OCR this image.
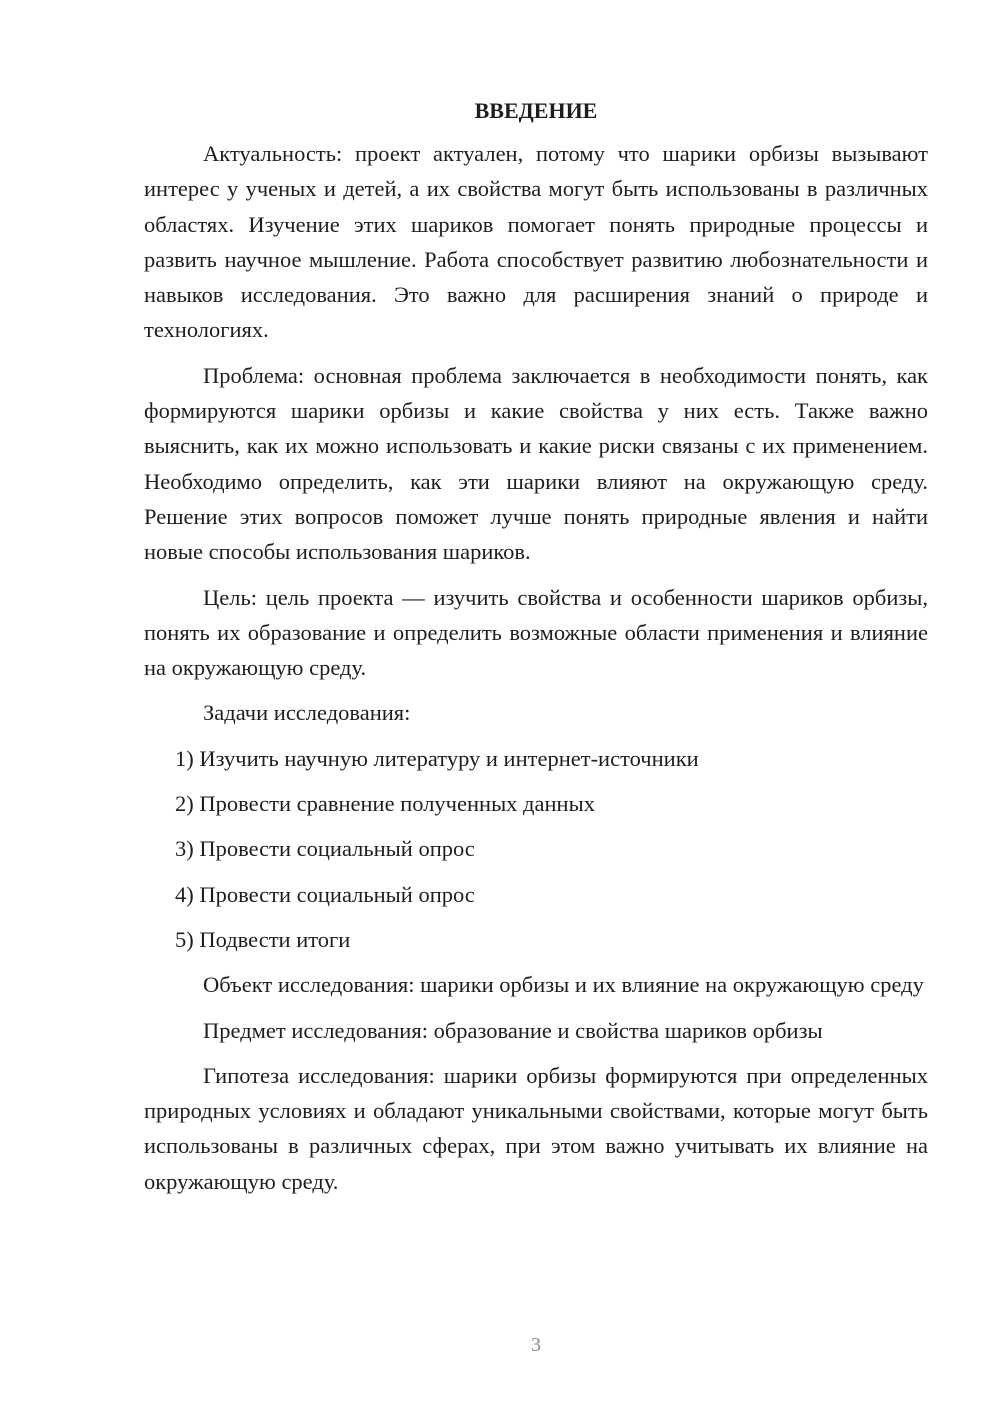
ВВЕДЕНИЕ

Актуальность: проект актуален, потому что шарики орбизы вызывают интерес у ученых и детей, а их свойства могут быть использованы в различных областях. Изучение этих шариков помогает понять природные процессы и развить научное мышление. Работа способствует развитию любознательности и навыков исследования. Это важно для расширения знаний о природе и технологиях.

Проблема: основная проблема заключается в необходимости понять, как формируются шарики орбизы и какие свойства у них есть. Также важно выяснить, как их можно использовать и какие риски связаны с их применением. Необходимо определить, как эти шарики влияют на окружающую среду. Решение этих вопросов поможет лучше понять природные явления и найти новые способы использования шариков.

Цель: цель проекта — изучить свойства и особенности шариков орбизы, понять их образование и определить возможные области применения и влияние на окружающую среду.

Задачи исследования:

1) Изучить научную литературу и интернет-источники

2) Провести сравнение полученных данных

3) Провести социальный опрос

4) Провести социальный опрос

5) Подвести итоги

Объект исследования: шарики орбизы и их влияние на окружающую среду

Предмет исследования: образование и свойства шариков орбизы

Гипотеза исследования: шарики орбизы формируются при определенных природных условиях и обладают уникальными свойствами, которые могут быть использованы в различных сферах, при этом важно учитывать их влияние на окружающую среду.

3
